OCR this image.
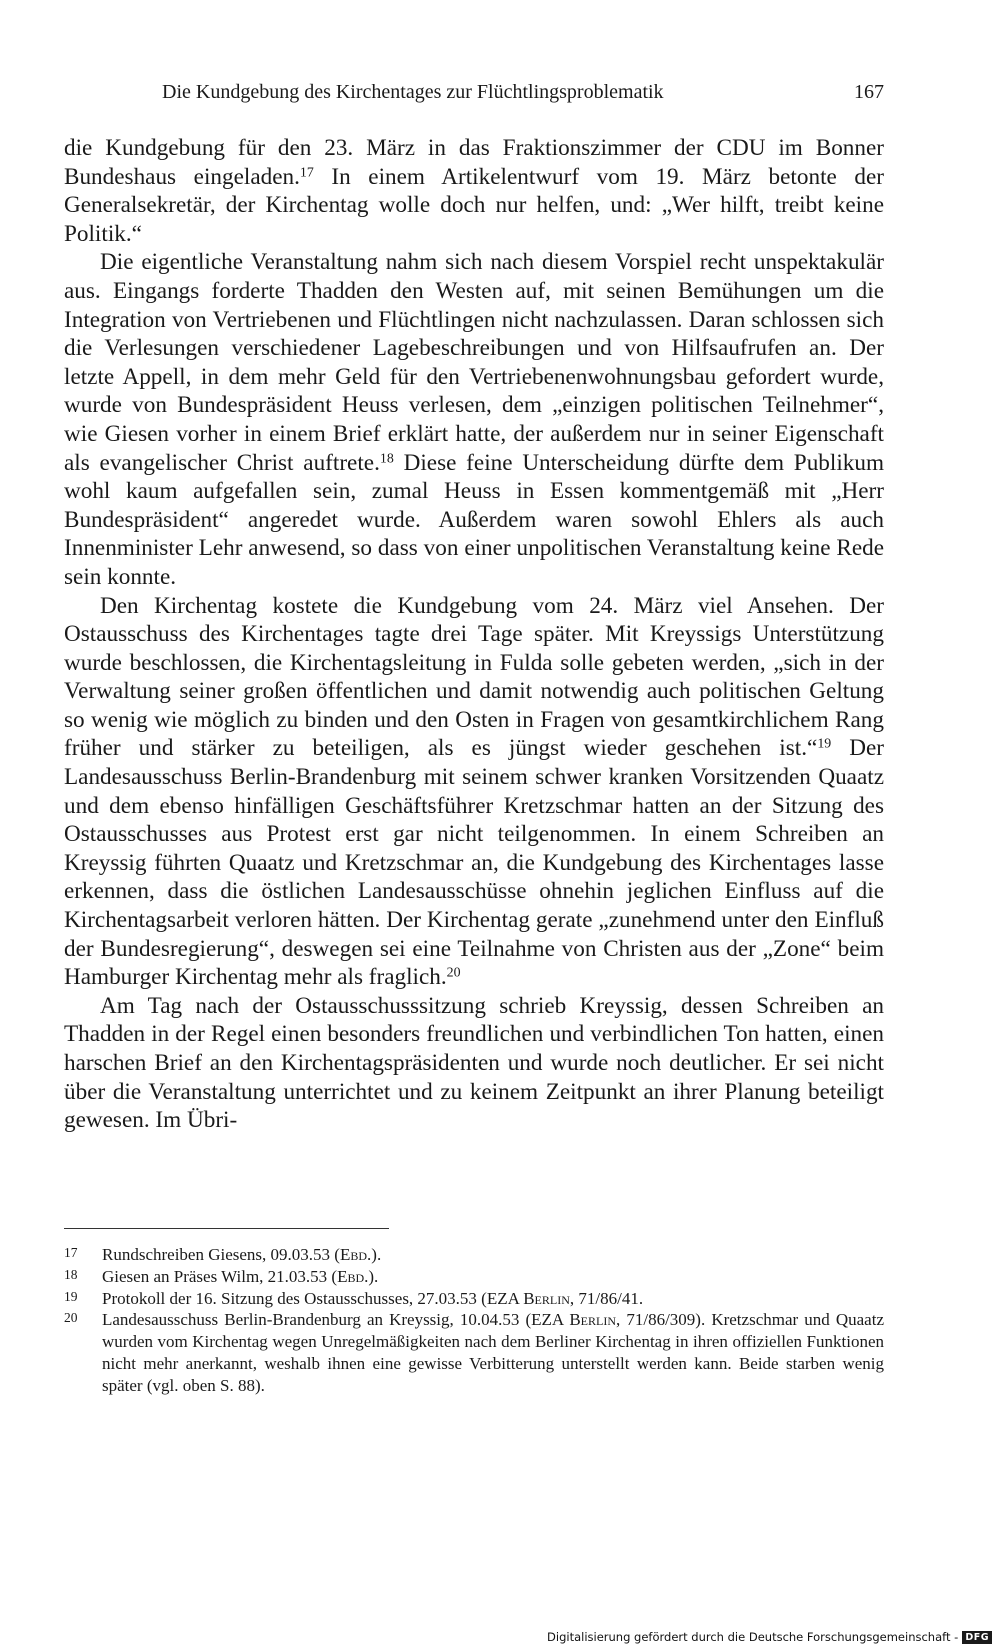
Die Kundgebung des Kirchentages zur Flüchtlingsproblematik	167

die Kundgebung für den 23. März in das Fraktionszimmer der CDU im Bonner Bundeshaus eingeladen.$^{17}$ In einem Artikelentwurf vom 19. März betonte der Generalsekretär, der Kirchentag wolle doch nur helfen, und: „Wer hilft, treibt keine Politik.“

Die eigentliche Veranstaltung nahm sich nach diesem Vorspiel recht unspektakulär aus. Eingangs forderte Thadden den Westen auf, mit seinen Bemühungen um die Integration von Vertriebenen und Flüchtlingen nicht nachzulassen. Daran schlossen sich die Verlesungen verschiedener Lagebeschreibungen und von Hilfsaufrufen an. Der letzte Appell, in dem mehr Geld für den Vertriebenenwohnungsbau gefordert wurde, wurde von Bundespräsident Heuss verlesen, dem „einzigen politischen Teilnehmer“, wie Giesen vorher in einem Brief erklärt hatte, der außerdem nur in seiner Eigenschaft als evangelischer Christ auftrete.$^{18}$ Diese feine Unterscheidung dürfte dem Publikum wohl kaum aufgefallen sein, zumal Heuss in Essen kommentgemäß mit „Herr Bundespräsident“ angeredet wurde. Außerdem waren sowohl Ehlers als auch Innenminister Lehr anwesend, so dass von einer unpolitischen Veranstaltung keine Rede sein konnte.

Den Kirchentag kostete die Kundgebung vom 24. März viel Ansehen. Der Ostausschuss des Kirchentages tagte drei Tage später. Mit Kreyssigs Unterstützung wurde beschlossen, die Kirchentagsleitung in Fulda solle gebeten werden, „sich in der Verwaltung seiner großen öffentlichen und damit notwendig auch politischen Geltung so wenig wie möglich zu binden und den Osten in Fragen von gesamtkirchlichem Rang früher und stärker zu beteiligen, als es jüngst wieder geschehen ist.“$^{19}$ Der Landesausschuss Berlin-Brandenburg mit seinem schwer kranken Vorsitzenden Quaatz und dem ebenso hinfälligen Geschäftsführer Kretzschmar hatten an der Sitzung des Ostausschusses aus Protest erst gar nicht teilgenommen. In einem Schreiben an Kreyssig führten Quaatz und Kretzschmar an, die Kundgebung des Kirchentages lasse erkennen, dass die östlichen Landesausschüsse ohnehin jeglichen Einfluss auf die Kirchentagsarbeit verloren hätten. Der Kirchentag gerate „zunehmend unter den Einfluß der Bundesregierung“, deswegen sei eine Teilnahme von Christen aus der „Zone“ beim Hamburger Kirchentag mehr als fraglich.$^{20}$

Am Tag nach der Ostausschusssitzung schrieb Kreyssig, dessen Schreiben an Thadden in der Regel einen besonders freundlichen und verbindlichen Ton hatten, einen harschen Brief an den Kirchentagspräsidenten und wurde noch deutlicher. Er sei nicht über die Veranstaltung unterrichtet und zu keinem Zeitpunkt an ihrer Planung beteiligt gewesen. Im Übri-

17 Rundschreiben Giesens, 09.03.53 (Ebd.).
18 Giesen an Präses Wilm, 21.03.53 (Ebd.).
19 Protokoll der 16. Sitzung des Ostausschusses, 27.03.53 (EZA Berlin, 71/86/41.
20 Landesausschuss Berlin-Brandenburg an Kreyssig, 10.04.53 (EZA Berlin, 71/86/309). Kretzschmar und Quaatz wurden vom Kirchentag wegen Unregelmäßigkeiten nach dem Berliner Kirchentag in ihren offiziellen Funktionen nicht mehr anerkannt, weshalb ihnen eine gewisse Verbitterung unterstellt werden kann. Beide starben wenig später (vgl. oben S. 88).
Digitalisierung gefördert durch die Deutsche Forschungsgemeinschaft - DFG
